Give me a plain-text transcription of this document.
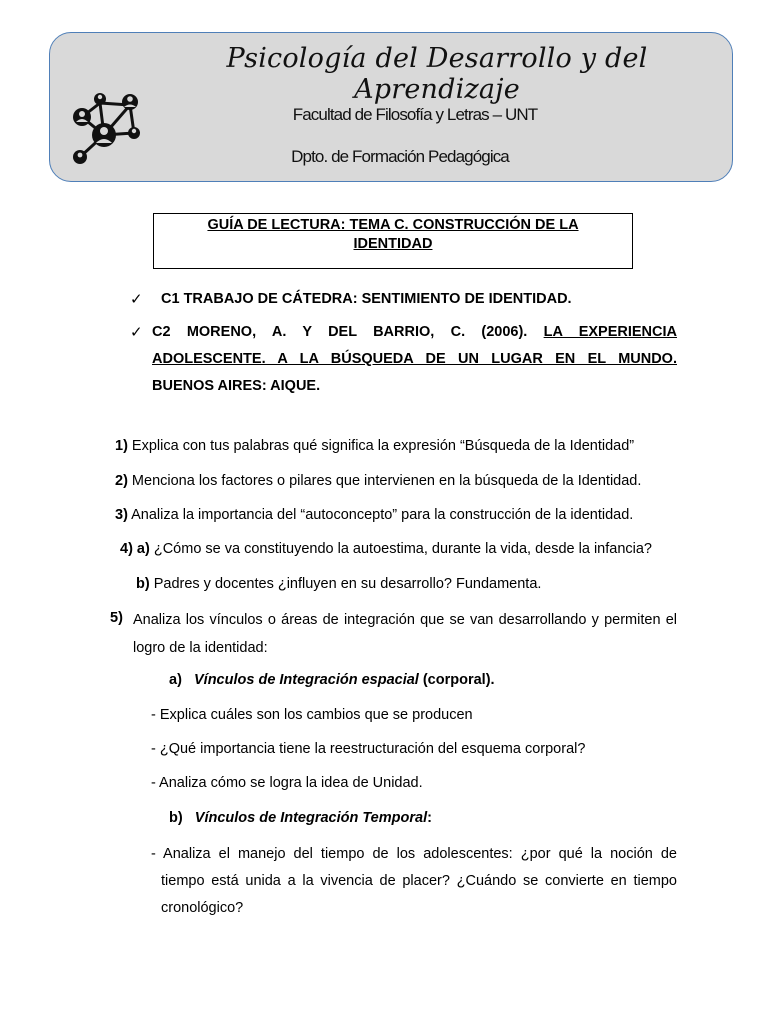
Psicología del Desarrollo y del Aprendizaje
Facultad de Filosofía y Letras – UNT
Dpto. de Formación Pedagógica
GUÍA DE LECTURA: TEMA C. CONSTRUCCIÓN DE LA
IDENTIDAD
✓ C1 TRABAJO DE CÁTEDRA: SENTIMIENTO DE IDENTIDAD.
✓ C2 MORENO, A. Y DEL BARRIO, C. (2006). LA EXPERIENCIA
ADOLESCENTE. A LA BÚSQUEDA DE UN LUGAR EN EL MUNDO.
BUENOS AIRES: AIQUE.
1) Explica con tus palabras qué significa la expresión “Búsqueda de la Identidad”
2) Menciona los factores o pilares que intervienen en la búsqueda de la Identidad.
3) Analiza la importancia del “autoconcepto” para la construcción de la identidad.
4) a) ¿Cómo se va constituyendo la autoestima, durante la vida, desde la infancia?
b) Padres y docentes ¿influyen en su desarrollo? Fundamenta.
5) Analiza los vínculos o áreas de integración que se van desarrollando y permiten el logro de la identidad:
a) Vínculos de Integración espacial (corporal).
- Explica cuáles son los cambios que se producen
- ¿Qué importancia tiene la reestructuración del esquema corporal?
- Analiza cómo se logra la idea de Unidad.
b) Vínculos de Integración Temporal:
- Analiza el manejo del tiempo de los adolescentes: ¿por qué la noción de
tiempo está unida a la vivencia de placer? ¿Cuándo se convierte en tiempo
cronológico?
